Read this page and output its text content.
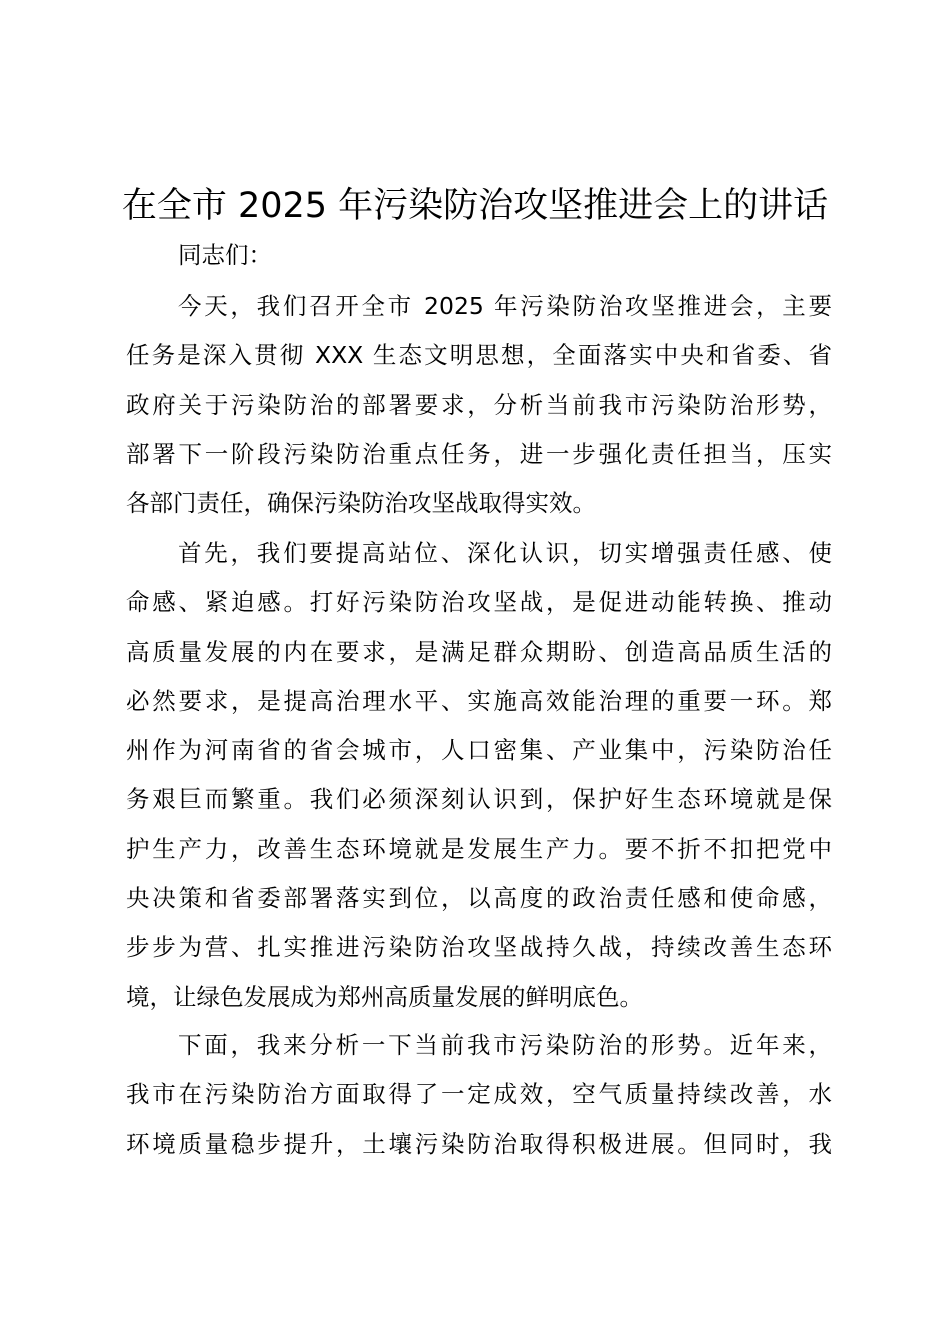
在全市 2025 年污染防治攻坚推进会上的讲话
同志们：
今天，我们召开全市 2025 年污染防治攻坚推进会，主要
任务是深入贯彻 XXX 生态文明思想，全面落实中央和省委、省
政府关于污染防治的部署要求，分析当前我市污染防治形势，
部署下一阶段污染防治重点任务，进一步强化责任担当，压实
各部门责任，确保污染防治攻坚战取得实效。
首先，我们要提高站位、深化认识，切实增强责任感、使
命感、紧迫感。打好污染防治攻坚战，是促进动能转换、推动
高质量发展的内在要求，是满足群众期盼、创造高品质生活的
必然要求，是提高治理水平、实施高效能治理的重要一环。郑
州作为河南省的省会城市，人口密集、产业集中，污染防治任
务艰巨而繁重。我们必须深刻认识到，保护好生态环境就是保
护生产力，改善生态环境就是发展生产力。要不折不扣把党中
央决策和省委部署落实到位，以高度的政治责任感和使命感，
步步为营、扎实推进污染防治攻坚战持久战，持续改善生态环
境，让绿色发展成为郑州高质量发展的鲜明底色。
下面，我来分析一下当前我市污染防治的形势。近年来，
我市在污染防治方面取得了一定成效，空气质量持续改善，水
环境质量稳步提升，土壤污染防治取得积极进展。但同时，我
